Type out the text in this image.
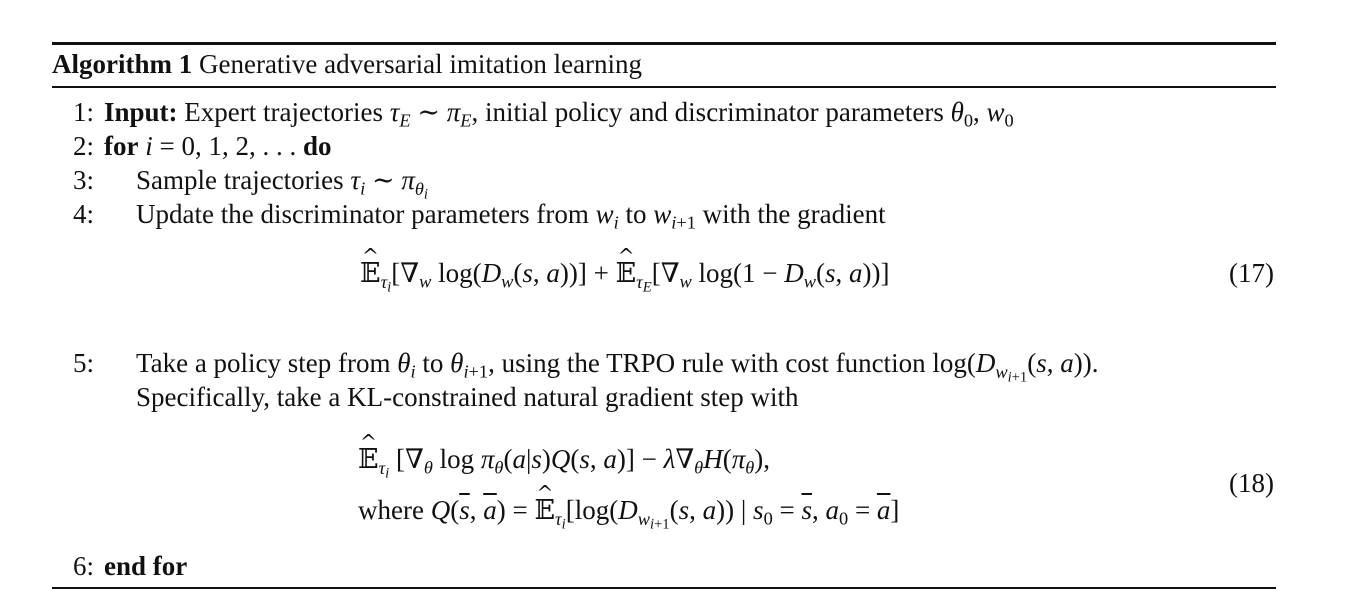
Algorithm 1 Generative adversarial imitation learning
1: Input: Expert trajectories $\tau_E$ ∼ $\pi_E$, initial policy and discriminator parameters $\theta_0$, $w_0$
2: for i = 0, 1, 2, . . . do
3: Sample trajectories $\tau_i$ ∼ $\pi_{\theta_i}$
4: Update the discriminator parameters from $w_i$ to $w_{i+1}$ with the gradient
^ $𝔼_{\tau_i}[\nabla_w$ $\log(D_w(s$, a))] + ^ $𝔼_{\tau_E}[\nabla_w$ $\log(1 - D_w(s$, a))]	(17)
5: Take a policy step from $\theta_i$ to $\theta_{i+1}$, using the TRPO rule with cost function $\log(D_{w_{i+1}}(s$, a)).
Specifically, take a KL-constrained natural gradient step with
^ 𝔼$_{\tau_i}$ [$\nabla_\theta$ $\log \pi_\theta(a|s)Q(s$, $a)] - \lambda\nabla_\theta H(\pi_\theta)$,
where $Q(\overline{s}$, $\overline{a}$) = ^ $𝔼_{\tau_i}[\log(D_{w_{i+1}}(s$, a)) | $s_0 = \overline{s}$, $a_0 = \overline{a}$]
(18)
6: end for
